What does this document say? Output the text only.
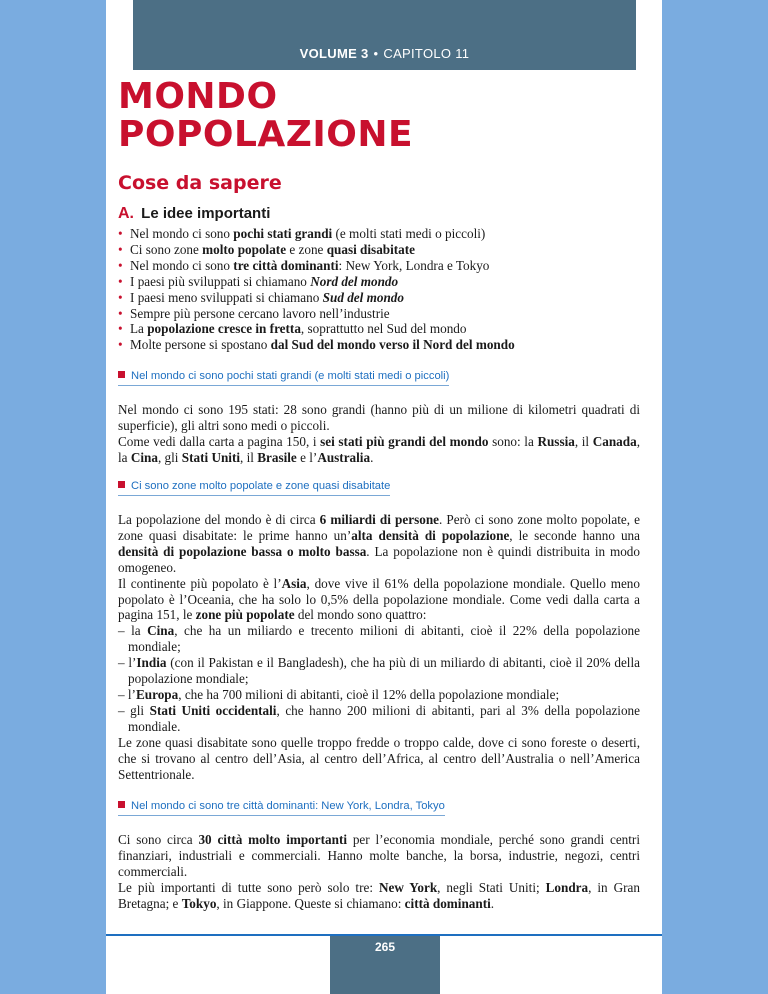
VOLUME 3 • CAPITOLO 11
MONDO
POPOLAZIONE
Cose da sapere
A. Le idee importanti
• Nel mondo ci sono pochi stati grandi (e molti stati medi o piccoli)
• Ci sono zone molto popolate e zone quasi disabitate
• Nel mondo ci sono tre città dominanti: New York, Londra e Tokyo
• I paesi più sviluppati si chiamano Nord del mondo
• I paesi meno sviluppati si chiamano Sud del mondo
• Sempre più persone cercano lavoro nell’industrie
• La popolazione cresce in fretta, soprattutto nel Sud del mondo
• Molte persone si spostano dal Sud del mondo verso il Nord del mondo
Nel mondo ci sono pochi stati grandi (e molti stati medi o piccoli)

Nel mondo ci sono 195 stati: 28 sono grandi (hanno più di un milione di kilometri quadrati di superficie), gli altri sono medi o piccoli.

Come vedi dalla carta a pagina 150, i sei stati più grandi del mondo sono: la Russia, il Canada, la Cina, gli Stati Uniti, il Brasile e l’Australia.

Ci sono zone molto popolate e zone quasi disabitate

La popolazione del mondo è di circa 6 miliardi di persone. Però ci sono zone molto popolate, e zone quasi disabitate: le prime hanno un’alta densità di popolazione, le seconde hanno una densità di popolazione bassa o molto bassa. La popolazione non è quindi distribuita in modo omogeneo.

Il continente più popolato è l’Asia, dove vive il 61% della popolazione mondiale. Quello meno popolato è l’Oceania, che ha solo lo 0,5% della popolazione mondiale. Come vedi dalla carta a pagina 151, le zone più popolate del mondo sono quattro:

– la Cina, che ha un miliardo e trecento milioni di abitanti, cioè il 22% della popolazione mondiale;

– l’India (con il Pakistan e il Bangladesh), che ha più di un miliardo di abitanti, cioè il 20% della popolazione mondiale;

– l’Europa, che ha 700 milioni di abitanti, cioè il 12% della popolazione mondiale;

– gli Stati Uniti occidentali, che hanno 200 milioni di abitanti, pari al 3% della popolazione mondiale.

Le zone quasi disabitate sono quelle troppo fredde o troppo calde, dove ci sono foreste o deserti, che si trovano al centro dell’Asia, al centro dell’Africa, al centro dell’Australia o nell’America Settentrionale.

Nel mondo ci sono tre città dominanti: New York, Londra, Tokyo

Ci sono circa 30 città molto importanti per l’economia mondiale, perché sono grandi centri finanziari, industriali e commerciali. Hanno molte banche, la borsa, industrie, negozi, centri commerciali.

Le più importanti di tutte sono però solo tre: New York, negli Stati Uniti; Londra, in Gran Bretagna; e Tokyo, in Giappone. Queste si chiamano: città dominanti.

265
